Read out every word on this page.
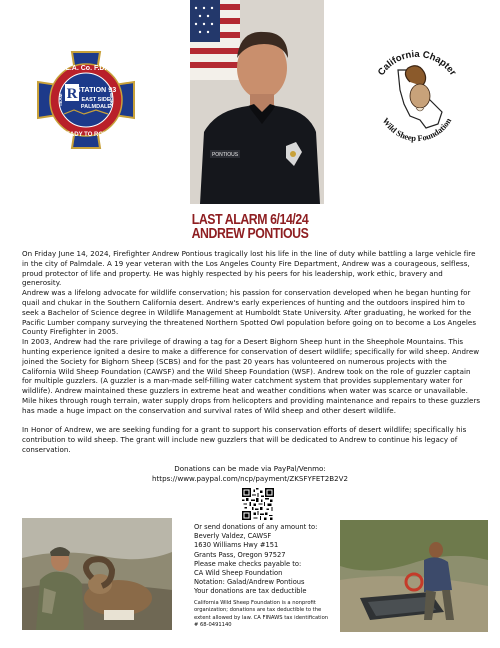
L.A. Co. F.D.
TEAM	WORK
R
STATION 93
EAST SIDE
PALMDALE
READY TO ROLL
PONTIOUS
California Chapter
Wild Sheep Foundation
LAST ALARM 6/14/24
ANDREW PONTIOUS

On Friday June 14, 2024, Firefighter Andrew Pontious tragically lost his life in the line of duty while battling a large vehicle fire in the city of Palmdale. A 19 year veteran with the Los Angeles County Fire Department, Andrew was a courageous, selfless, proud protector of life and property. He was highly respected by his peers for his leadership, work ethic, bravery and generosity.

Andrew was a lifelong advocate for wildlife conservation; his passion for conservation developed when he began hunting for quail and chukar in the Southern California desert. Andrew's early experiences of hunting and the outdoors inspired him to seek a Bachelor of Science degree in Wildlife Management at Humboldt State University. After graduating, he worked for the Pacific Lumber company surveying the threatened Northern Spotted Owl population before going on to become a Los Angeles County Firefighter in 2005.

In 2003, Andrew had the rare privilege of drawing a tag for a Desert Bighorn Sheep hunt in the Sheephole Mountains. This hunting experience ignited a desire to make a difference for conservation of desert wildlife; specifically for wild sheep. Andrew joined the Society for Bighorn Sheep (SCBS) and for the past 20 years has volunteered on numerous projects with the California Wild Sheep Foundation (CAWSF) and the Wild Sheep Foundation (WSF). Andrew took on the role of guzzler captain for multiple guzzlers. (A guzzler is a man-made self-filling water catchment system that provides supplementary water for wildlife). Andrew maintained these guzzlers in extreme heat and weather conditions when water was scarce or unavailable. Mile hikes through rough terrain, water supply drops from helicopters and providing maintenance and repairs to these guzzlers has made a huge impact on the conservation and survival rates of Wild sheep and other desert wildlife.

In Honor of Andrew, we are seeking funding for a grant to support his conservation efforts of desert wildlife; specifically his contribution to wild sheep. The grant will include new guzzlers that will be dedicated to Andrew to continue his legacy of conservation.

Donations can be made via PayPal/Venmo:
https://www.paypal.com/ncp/payment/ZKSFYFET2B2V2
Or send donations of any amount to:
Beverly Valdez, CAWSF
1630 Williams Hwy #151
Grants Pass, Oregon 97527
Please make checks payable to:
CA Wild Sheep Foundation
Notation: Galad/Andrew Pontious
Your donations are tax deductible
California Wild Sheep Foundation is a nonprofit
organization; donations are tax deductible to the
extent allowed by law. CA FINAWS tax identification
# 68-0491140
